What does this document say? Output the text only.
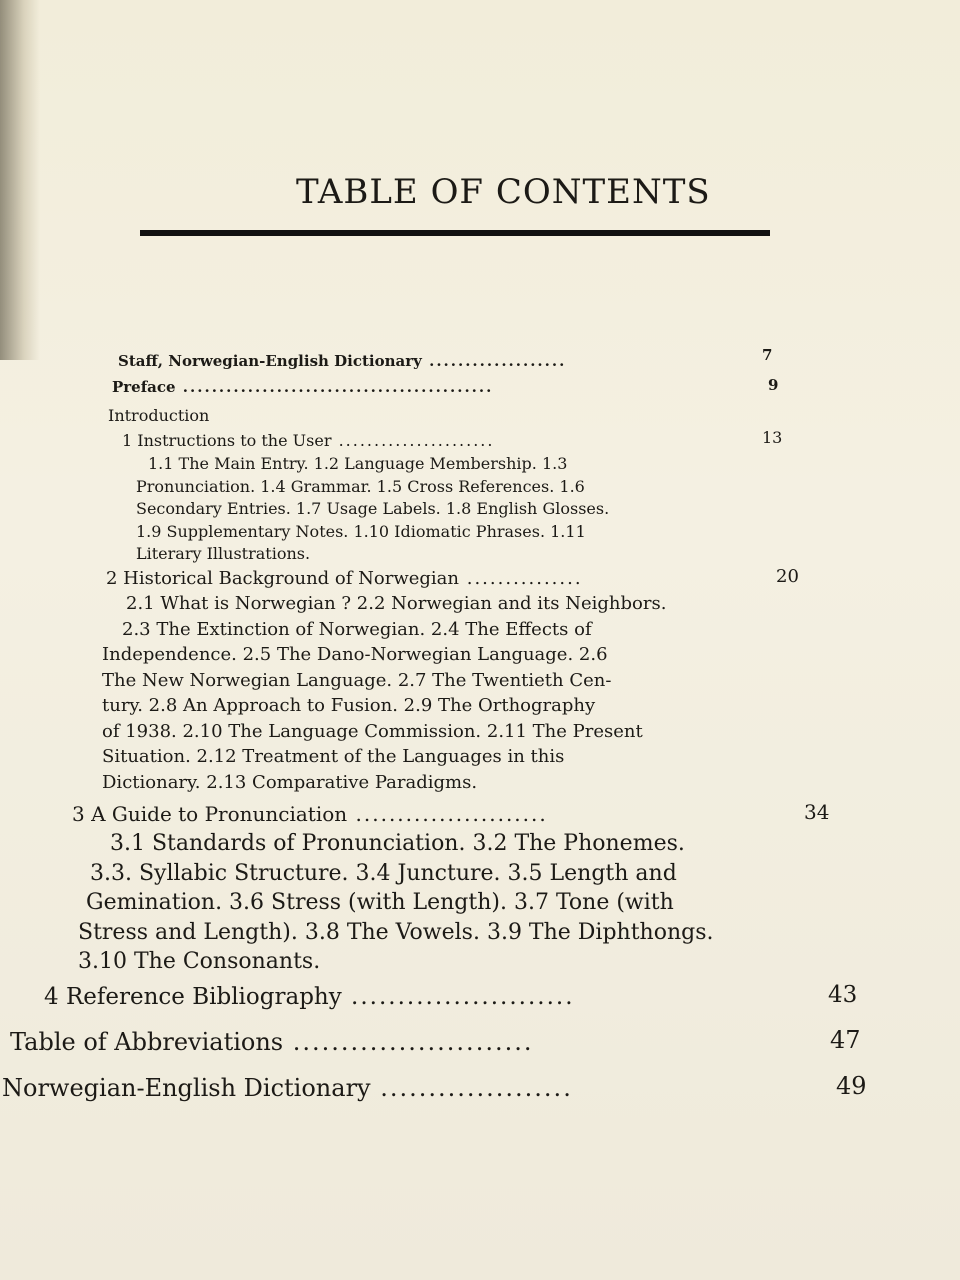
TABLE OF CONTENTS
Staff, Norwegian-English Dictionary ...................	7
Preface ...........................................	9
Introduction
1 Instructions to the User ......................	13
1.1 The Main Entry. 1.2 Language Membership. 1.3
Pronunciation. 1.4 Grammar. 1.5 Cross References. 1.6
Secondary Entries. 1.7 Usage Labels. 1.8 English Glosses.
1.9 Supplementary Notes. 1.10 Idiomatic Phrases. 1.11
Literary Illustrations.
2 Historical Background of Norwegian ...............	20
2.1 What is Norwegian ? 2.2 Norwegian and its Neighbors.
2.3 The Extinction of Norwegian. 2.4 The Effects of
Independence. 2.5 The Dano-Norwegian Language. 2.6
The New Norwegian Language. 2.7 The Twentieth Cen-
tury. 2.8 An Approach to Fusion. 2.9 The Orthography
of 1938. 2.10 The Language Commission. 2.11 The Present
Situation. 2.12 Treatment of the Languages in this
Dictionary. 2.13 Comparative Paradigms.
3 A Guide to Pronunciation .......................	34
3.1 Standards of Pronunciation. 3.2 The Phonemes.
3.3. Syllabic Structure. 3.4 Juncture. 3.5 Length and
Gemination. 3.6 Stress (with Length). 3.7 Tone (with
Stress and Length). 3.8 The Vowels. 3.9 The Diphthongs.
3.10 The Consonants.
4 Reference Bibliography ........................	43
Table of Abbreviations .........................	47
Norwegian-English Dictionary ....................	49
